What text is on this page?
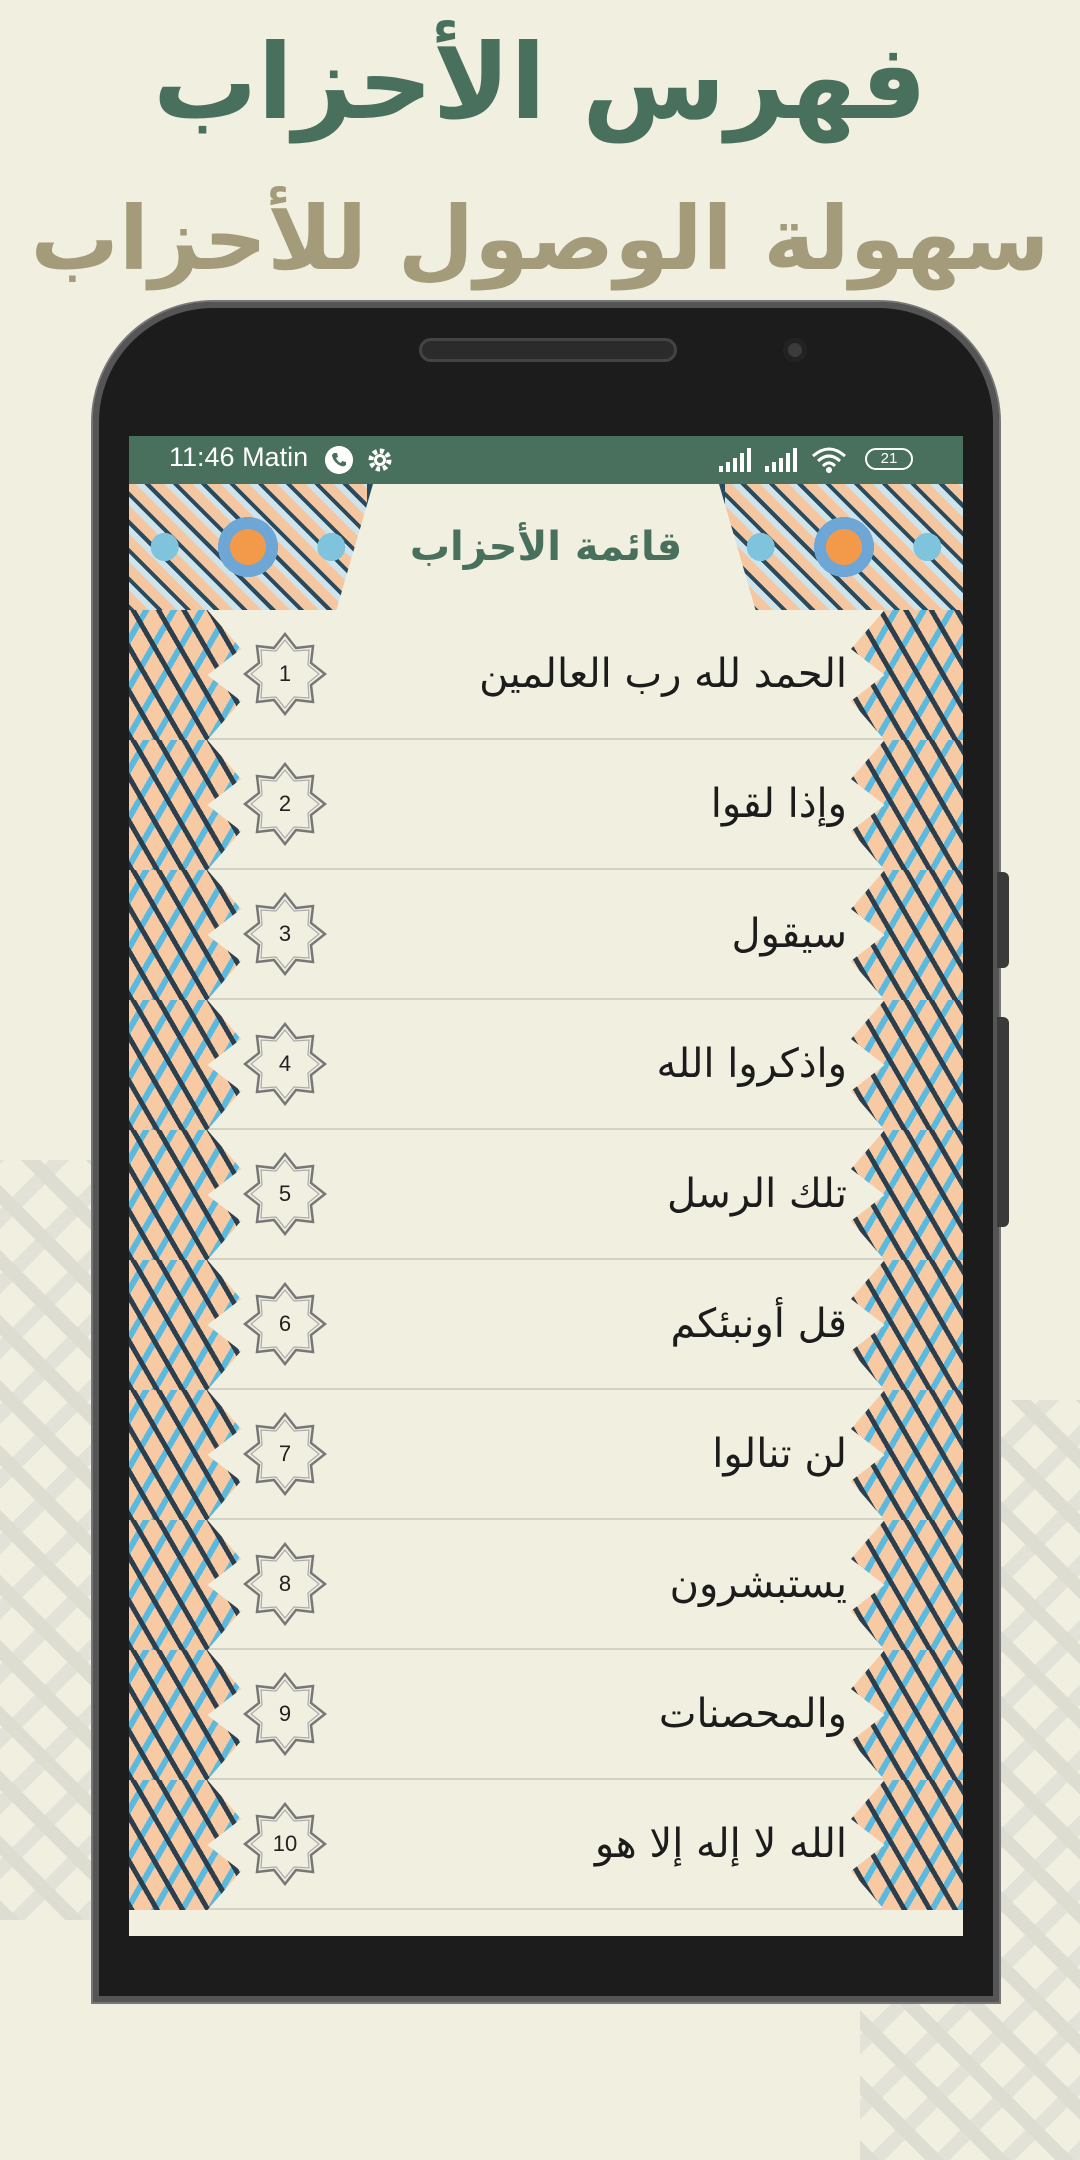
فهرس الأحزاب
سهولة الوصول للأحزاب
11:46 Matin	21
قائمة الأحزاب
1	الحمد لله رب العالمين
2	وإذا لقوا
3	سيقول
4	واذكروا الله
5	تلك الرسل
6	قل أونبئكم
7	لن تنالوا
8	يستبشرون
9	والمحصنات
10	الله لا إله إلا هو
